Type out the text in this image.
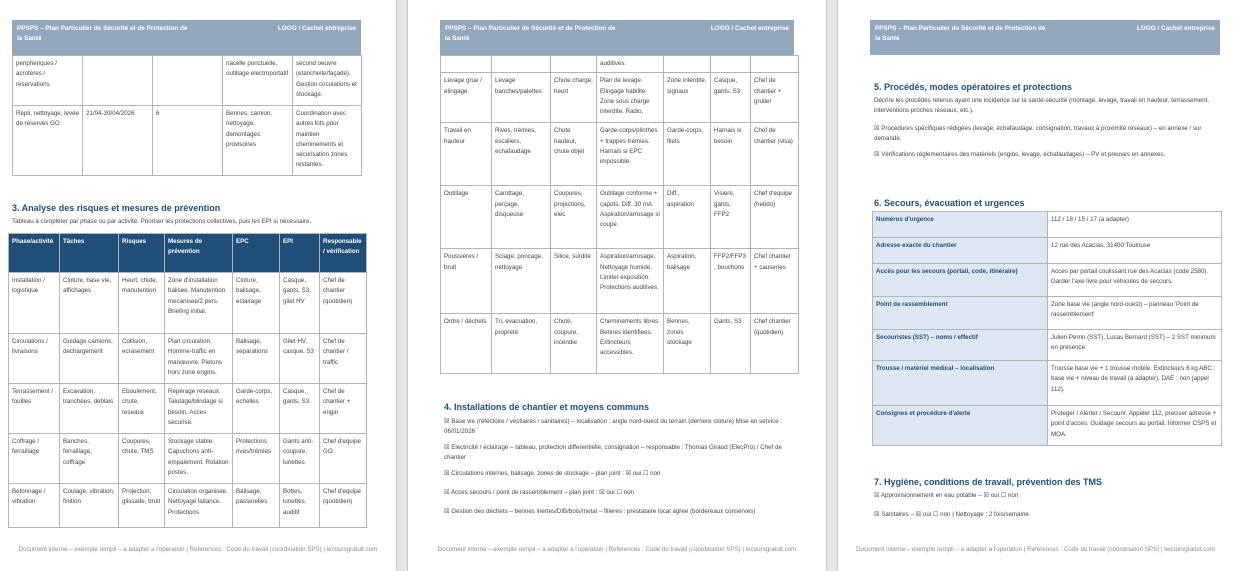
PPSPS – Plan Particulier de Sécurité et de Protection de la Santé
LOGO / Cachet entreprise
peripheriques / acrotères / réservations			nacelle ponctuelle, outillage electroportatif	second oeuvre (etancheite/façade). Gestion circulations et stockage.
Repli, nettoyage, levée de réserves GO	21/04-30/04/2026	6	Bennes, camion, nettoyage, demontages provisoires	Coordination avec autres lots pour maintien cheminements et securisation zones restantes.
3. Analyse des risques et mesures de prévention
Tableau à compléter par phase ou par activité. Prioriser les protections collectives, puis les EPI si nécessaire.
Phase/activité	Tâches	Risques	Mesures de prévention	EPC	EPI	Responsable / vérification
Installation / logistique	Cloture, base vie, affichages	Heurt, chute, manutention	Zone d'installation balisee. Manutention mecanisee/2 pers. Briefing initial.	Cloture, balisage, eclairage	Casque, gants, S3, gilet HV	Chef de chantier (quotidien)
Circulations / livraisons	Guidage camions, dechargement	Collision, ecrasement	Plan circulation. Homme-traffic en manœuvre. Pietons hors zone engins.	Balisage, separations	Gilet HV, casque, S3	Chef de chantier / traffic
Terrassement / fouilles	Excavation, tranchées, deblais	Eboulement, chute, reseaux	Repérage reseaux. Talutage/blindage si besoin. Acces securise.	Garde-corps, echelles	Casque, gants, S3	Chef de chantier + engin
Coffrage / ferraillage	Banches, ferraillage, coffrage	Coupures, chute, TMS	Stockage stable. Capuchons anti-empalement. Rotation postes.	Protections rives/trémies	Gants anti-coupure, lunettes	Chef d'equipe GO
Betonnage / vibration	Coulage, vibration, finition	Projection, glissade, bruit	Circulation organisee. Nettoyage laitance. Protections	Balisage, passerelles	Bottes, lunettes, auditif	Chef d'equipe (quotidien)
Document interne – exemple rempli – a adapter a l'operation | References : Code du travail (coordination SPS) | lecoursgratuit.com
PPSPS – Plan Particulier de Sécurité et de Protection de la Santé
LOGO / Cachet entreprise
			auditives.			
Levage grue / elingage	Levage banches/palettes	Chute charge, heurt	Plan de levage. Elingage habilite. Zone sous charge interdite. Radio.	Zone interdite, signaux	Casque, gants, S3	Chef de chantier + grutier
Travail en hauteur	Rives, trémies, escaliers, echafaudage	Chute hauteur, chute objet	Garde-corps/plinthes + trappes trémies. Harnais si EPC impossible.	Garde-corps, filets	Harnais si besoin	Chef de chantier (visa)
Outillage	Carottage, perçage, disqueuse	Coupures, projections, elec	Outillage conforme + capots. Diff. 30 mA. Aspiration/arrosage si coupe.	Diff., aspiration	Visiere, gants, FFP2	Chef d'equipe (hebdo)
Poussières / bruit	Sciage, poncage, nettoyage	Silice, surdité	Aspiration/arrosage. Nettoyage humide. Limiter exposition. Protections auditives.	Aspiration, balisage	FFP2/FFP3, bouchons	Chef chantier + causeries
Ordre / déchets	Tri, evacuation, propreté	Chute, coupure, incendie	Cheminements libres. Bennes identifiees. Extincteurs accessibles.	Bennes, zones stockage	Gants, S3	Chef chantier (quotidien)
4. Installations de chantier et moyens communs
☒ Base vie (réfectoire / vestiaires / sanitaires) – localisation : angle nord-ouest du terrain (derriere cloture) Mise en service : 06/01/2026
☒ Electricité / éclairage – tableau, protection differentielle, consignation – responsable : Thomas Giraud (ElecPro) / Chef de chantier
☒ Circulations internes, balisage, zones de stockage – plan joint : ☒ oui ☐ non
☒ Acces secours / point de rassemblement – plan joint : ☒ oui ☐ non
☒ Gestion des déchets – bennes inertes/DIB/bois/metal – filieres : prestataire local agree (bordereaux conserves)
Document interne – exemple rempli – a adapter a l'operation | References : Code du travail (coordination SPS) | lecoursgratuit.com
PPSPS – Plan Particulier de Sécurité et de Protection de la Santé
LOGO / Cachet entreprise
5. Procédés, modes opératoires et protections
Décrire les procédés retenus ayant une incidence sur la santé-sécurité (montage, levage, travail en hauteur, terrassement, interventions proches réseaux, etc.).
☒ Procédures spécifiques rédigées (levage, échafaudage, consignation, travaux à proximité réseaux) – en annexe / sur demande.
☒ Vérifications réglementaires des matériels (engins, levage, échafaudages) – PV et preuves en annexes.
6. Secours, évacuation et urgences
Numéros d'urgence	112 / 18 / 15 / 17 (à adapter)
Adresse exacte du chantier	12 rue des Acacias, 31400 Toulouse
Accès pour les secours (portail, code, itinéraire)	Acces par portail coulissant rue des Acacias (code 2580). Garder l'axe livre pour vehicules de secours.
Point de rassemblement	Zone base vie (angle nord-ouest) – panneau 'Point de rassemblement'
Secouristes (SST) – noms / effectif	Julien Perrin (SST), Lucas Bernard (SST) – 2 SST minimum en presence
Trousse / matériel médical – localisation	Trousse base vie + 1 trousse mobile. Extincteurs 6 kg ABC : base vie + niveau de travail (a adapter). DAE : non (appel 112).
Consignes et procédure d'alerte	Proteger / Alerter / Secourir. Appeler 112, preciser adresse + point d'acces. Guidage secours au portail. Informer CSPS et MOA.
7. Hygiène, conditions de travail, prévention des TMS
☒ Approvisionnement en eau potable – ☒ oui ☐ non
☒ Sanitaires – ☒ oui ☐ non | Nettoyage : 2 fois/semaine
Document interne – exemple rempli – a adapter a l'operation | References : Code du travail (coordination SPS) | lecoursgratuit.com
